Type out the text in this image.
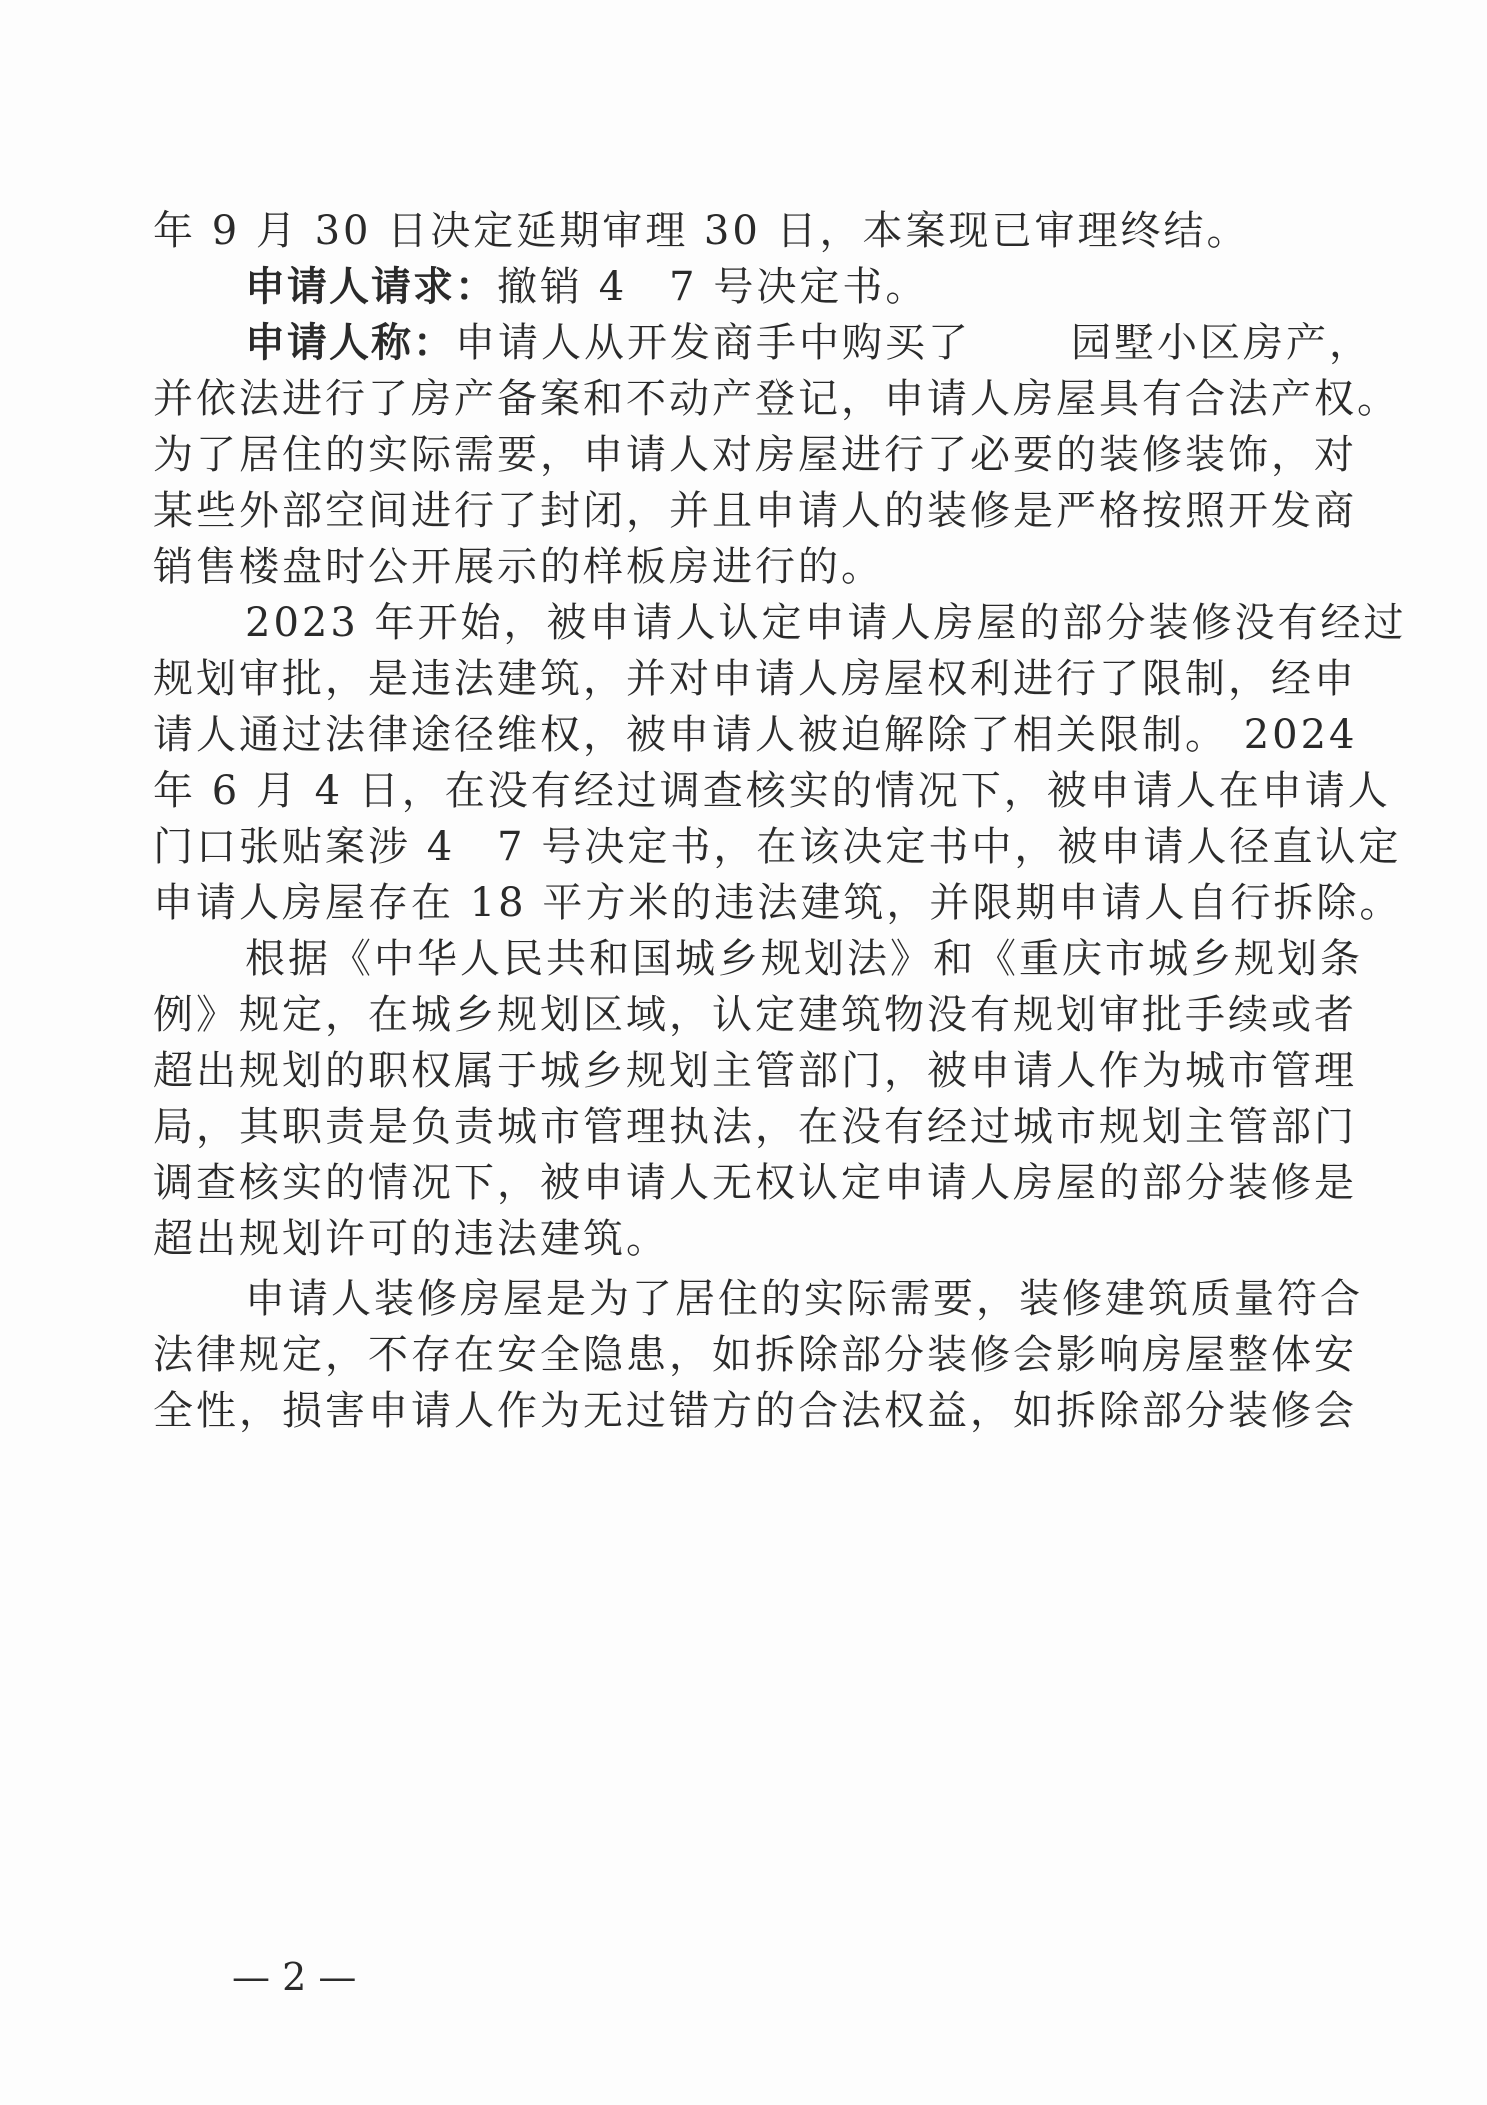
年 9 月 30 日决定延期审理 30 日，本案现已审理终结。
申请人请求：撤销 4 7 号决定书。
申请人称：申请人从开发商手中购买了	园墅小区房产，
并依法进行了房产备案和不动产登记，申请人房屋具有合法产权。
为了居住的实际需要，申请人对房屋进行了必要的装修装饰，对
某些外部空间进行了封闭，并且申请人的装修是严格按照开发商
销售楼盘时公开展示的样板房进行的。
2023 年开始，被申请人认定申请人房屋的部分装修没有经过
规划审批，是违法建筑，并对申请人房屋权利进行了限制，经申
请人通过法律途径维权，被申请人被迫解除了相关限制。 2024
年 6 月 4 日，在没有经过调查核实的情况下，被申请人在申请人
门口张贴案涉 4 7 号决定书，在该决定书中，被申请人径直认定
申请人房屋存在 18 平方米的违法建筑，并限期申请人自行拆除。
根据《中华人民共和国城乡规划法》和《重庆市城乡规划条
例》规定，在城乡规划区域，认定建筑物没有规划审批手续或者
超出规划的职权属于城乡规划主管部门，被申请人作为城市管理
局，其职责是负责城市管理执法，在没有经过城市规划主管部门
调查核实的情况下，被申请人无权认定申请人房屋的部分装修是
超出规划许可的违法建筑。
申请人装修房屋是为了居住的实际需要，装修建筑质量符合
法律规定，不存在安全隐患，如拆除部分装修会影响房屋整体安
全性，损害申请人作为无过错方的合法权益，如拆除部分装修会
— 2 —
